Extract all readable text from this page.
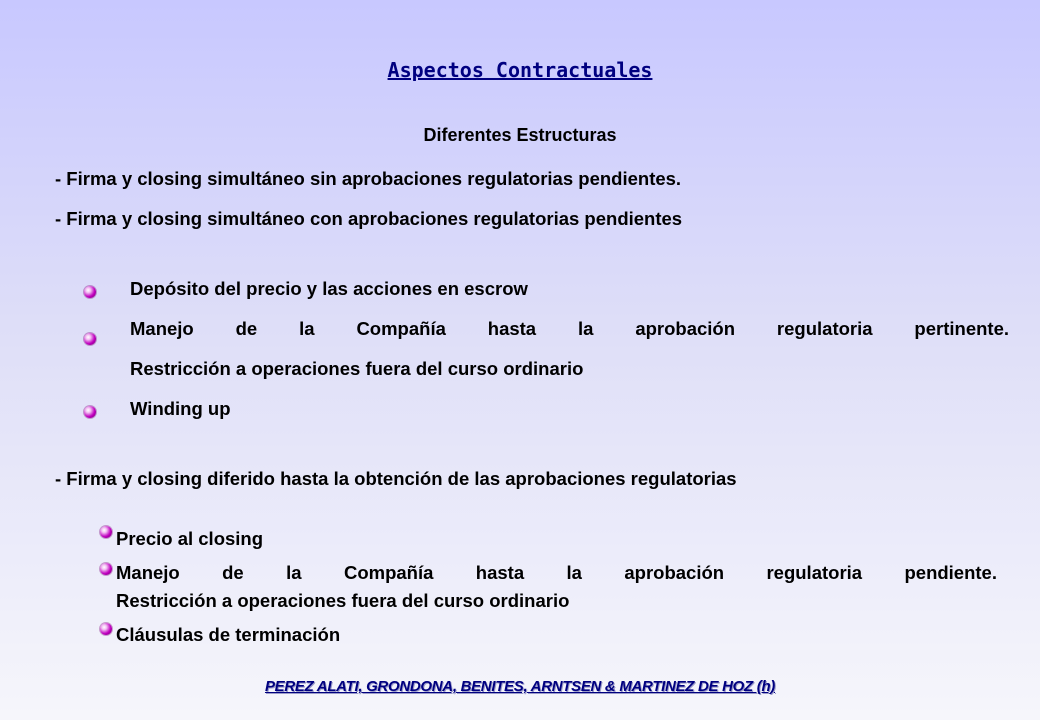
Aspectos Contractuales
Diferentes Estructuras
- Firma y closing simultáneo sin aprobaciones regulatorias pendientes.
- Firma y closing simultáneo con aprobaciones regulatorias pendientes
Depósito del precio y las acciones en escrow
Manejo de la Compañía hasta la aprobación regulatoria pertinente.
Restricción a operaciones fuera del curso ordinario
Winding up
- Firma y closing diferido hasta la obtención de las aprobaciones regulatorias
Precio al closing
Manejo de la Compañía hasta la aprobación regulatoria pendiente.
Restricción a operaciones fuera del curso ordinario
Cláusulas de terminación
PEREZ ALATI, GRONDONA, BENITES, ARNTSEN & MARTINEZ DE HOZ (h)
